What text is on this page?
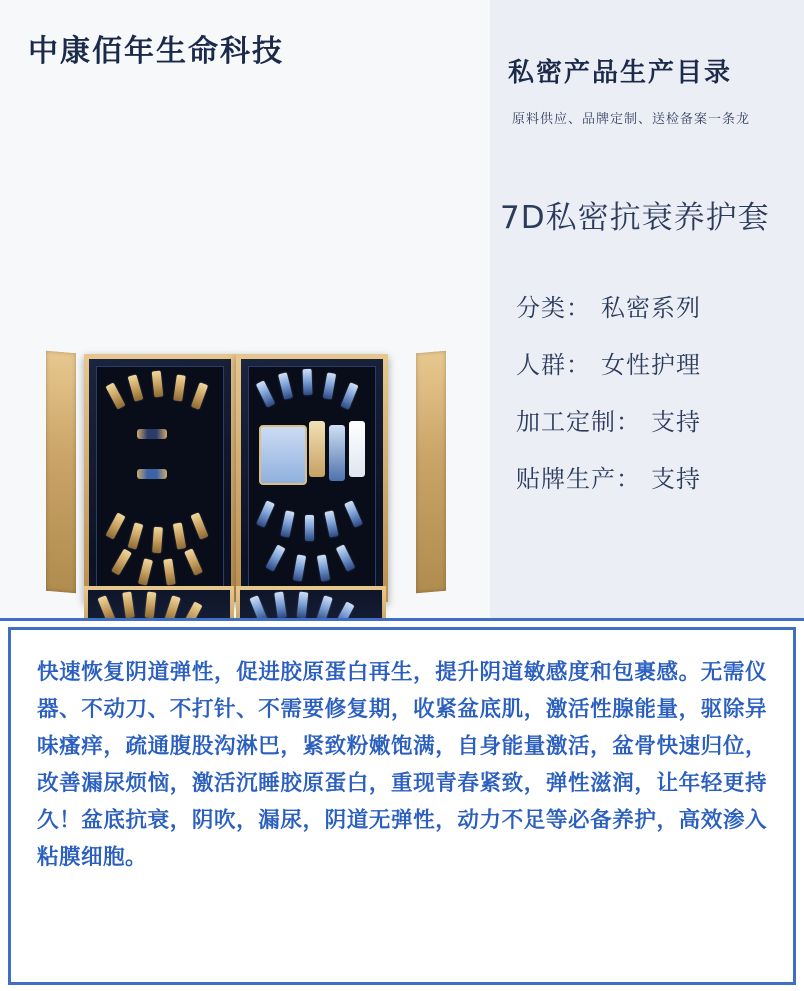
中康佰年生命科技
私密产品生产目录
原料供应、品牌定制、送检备案一条龙
7D私密抗衰养护套
分类： 私密系列
人群： 女性护理
加工定制： 支持
贴牌生产： 支持
快速恢复阴道弹性，促进胶原蛋白再生，提升阴道敏感度和包裹感。无需仪器、不动刀、不打针、不需要修复期，收紧盆底肌，激活性腺能量，驱除异味瘙痒，疏通腹股沟淋巴，紧致粉嫩饱满，自身能量激活，盆骨快速归位，改善漏尿烦恼，激活沉睡胶原蛋白，重现青春紧致，弹性滋润，让年轻更持久！盆底抗衰，阴吹，漏尿，阴道无弹性，动力不足等必备养护，高效渗入粘膜细胞。
